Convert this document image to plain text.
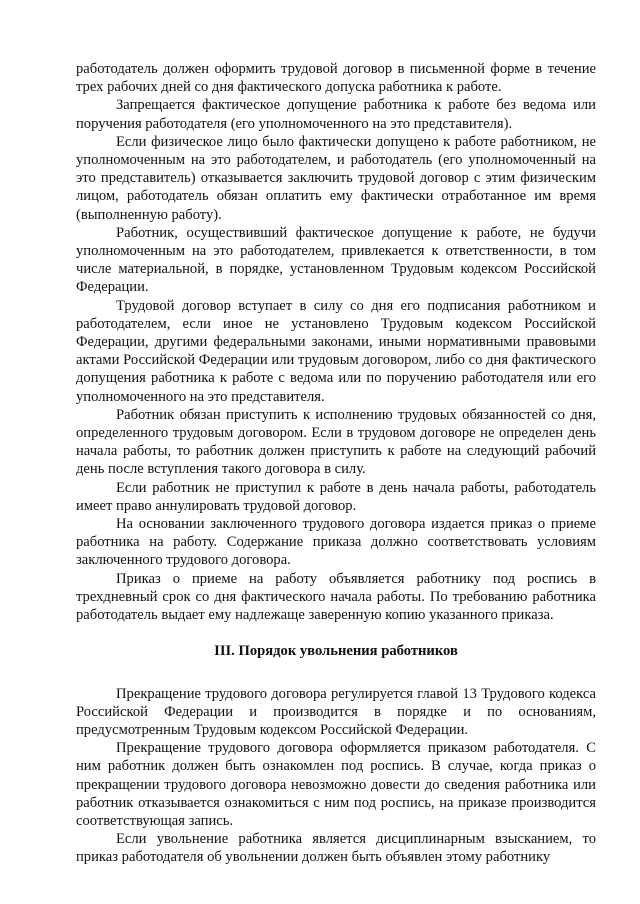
работодатель должен оформить трудовой договор в письменной форме в течение трех рабочих дней со дня фактического допуска работника к работе.

Запрещается фактическое допущение работника к работе без ведома или поручения работодателя (его уполномоченного на это представителя).

Если физическое лицо было фактически допущено к работе работником, не уполномоченным на это работодателем, и работодатель (его уполномоченный на это представитель) отказывается заключить трудовой договор с этим физическим лицом, работодатель обязан оплатить ему фактически отработанное им время (выполненную работу).

Работник, осуществивший фактическое допущение к работе, не будучи уполномоченным на это работодателем, привлекается к ответственности, в том числе материальной, в порядке, установленном Трудовым кодексом Российской Федерации.

Трудовой договор вступает в силу со дня его подписания работником и работодателем, если иное не установлено Трудовым кодексом Российской Федерации, другими федеральными законами, иными нормативными правовыми актами Российской Федерации или трудовым договором, либо со дня фактического допущения работника к работе с ведома или по поручению работодателя или его уполномоченного на это представителя.

Работник обязан приступить к исполнению трудовых обязанностей со дня, определенного трудовым договором. Если в трудовом договоре не определен день начала работы, то работник должен приступить к работе на следующий рабочий день после вступления такого договора в силу.

Если работник не приступил к работе в день начала работы, работодатель имеет право аннулировать трудовой договор.

На основании заключенного трудового договора издается приказ о приеме работника на работу. Содержание приказа должно соответствовать условиям заключенного трудового договора.

Приказ о приеме на работу объявляется работнику под роспись в трехдневный срок со дня фактического начала работы. По требованию работника работодатель выдает ему надлежаще заверенную копию указанного приказа.

III. Порядок увольнения работников

Прекращение трудового договора регулируется главой 13 Трудового кодекса Российской Федерации и производится в порядке и по основаниям, предусмотренным Трудовым кодексом Российской Федерации.

Прекращение трудового договора оформляется приказом работодателя. С ним работник должен быть ознакомлен под роспись. В случае, когда приказ о прекращении трудового договора невозможно довести до сведения работника или работник отказывается ознакомиться с ним под роспись, на приказе производится соответствующая запись.

Если увольнение работника является дисциплинарным взысканием, то приказ работодателя об увольнении должен быть объявлен этому работнику
